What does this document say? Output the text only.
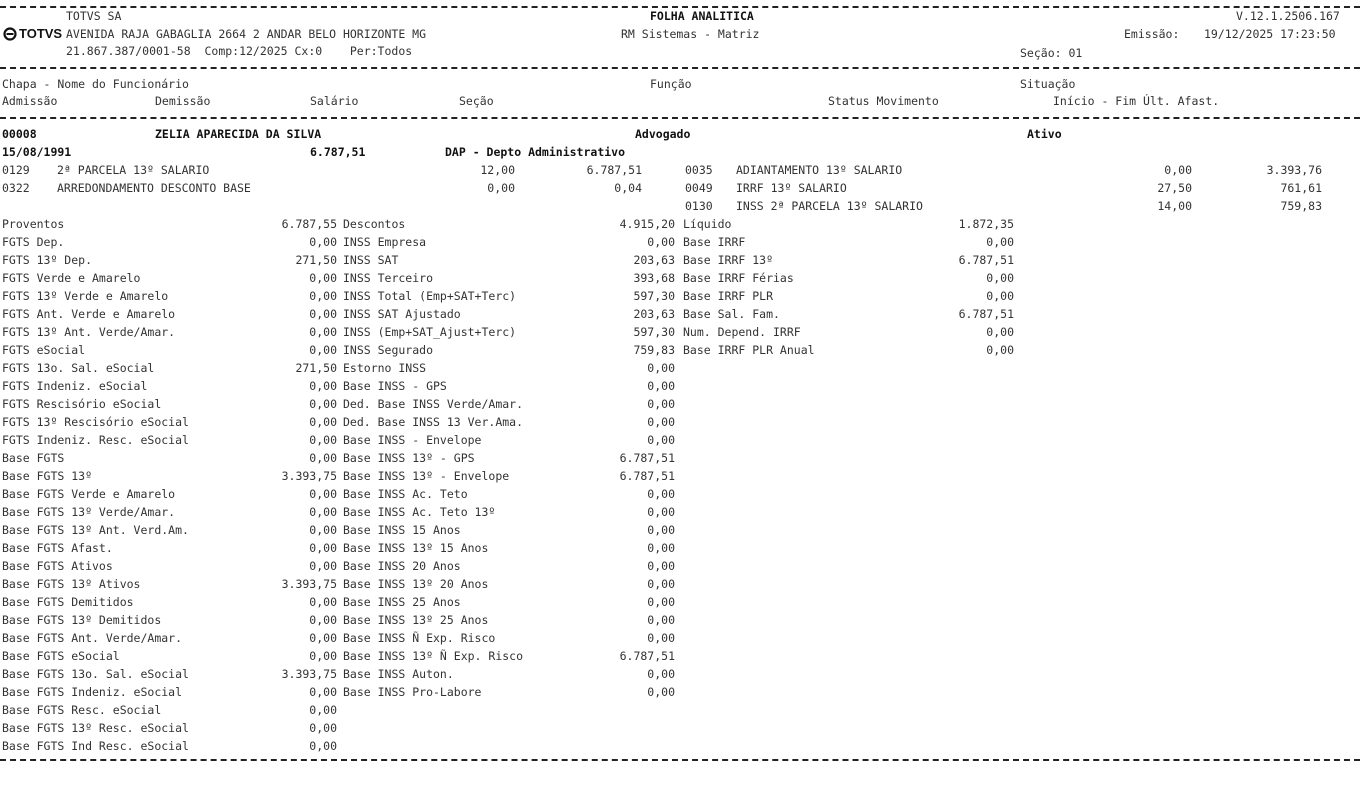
TOTVS SA
TOTVS AVENIDA RAJA GABAGLIA 2664 2 ANDAR BELO HORIZONTE MG
21.867.387/0001-58  Comp:12/2025 Cx:0    Per:Todos
FOLHA ANALITICA
RM Sistemas - Matriz
V.12.1.2506.167
Emissão: 19/12/2025 17:23:50
Seção: 01
Chapa - Nome do Funcionário	Função	Situação
Admissão	Demissão	Salário	Seção	Status Movimento	Início - Fim Últ. Afast.
00008	ZELIA APARECIDA DA SILVA	Advogado	Ativo
15/08/1991	6.787,51	DAP - Depto Administrativo
0129 2ª PARCELA 13º SALARIO	12,00	6.787,51
0322 ARREDONDAMENTO DESCONTO BASE	0,00	0,04
0035 ADIANTAMENTO 13º SALARIO	0,00	3.393,76
0049 IRRF 13º SALARIO	27,50	761,61
0130 INSS 2ª PARCELA 13º SALARIO	14,00	759,83
Proventos	6.787,55
FGTS Dep.	0,00
FGTS 13º Dep.	271,50
FGTS Verde e Amarelo	0,00
FGTS 13º Verde e Amarelo	0,00
FGTS Ant. Verde e Amarelo	0,00
FGTS 13º Ant. Verde/Amar.	0,00
FGTS eSocial	0,00
FGTS 13o. Sal. eSocial	271,50
FGTS Indeniz. eSocial	0,00
FGTS Rescisório eSocial	0,00
FGTS 13º Rescisório eSocial	0,00
FGTS Indeniz. Resc. eSocial	0,00
Base FGTS	0,00
Base FGTS 13º	3.393,75
Base FGTS Verde e Amarelo	0,00
Base FGTS 13º Verde/Amar.	0,00
Base FGTS 13º Ant. Verd.Am.	0,00
Base FGTS Afast.	0,00
Base FGTS Ativos	0,00
Base FGTS 13º Ativos	3.393,75
Base FGTS Demitidos	0,00
Base FGTS 13º Demitidos	0,00
Base FGTS Ant. Verde/Amar.	0,00
Base FGTS eSocial	0,00
Base FGTS 13o. Sal. eSocial	3.393,75
Base FGTS Indeniz. eSocial	0,00
Base FGTS Resc. eSocial	0,00
Base FGTS 13º Resc. eSocial	0,00
Base FGTS Ind Resc. eSocial	0,00
Descontos	4.915,20
INSS Empresa	0,00
INSS SAT	203,63
INSS Terceiro	393,68
INSS Total (Emp+SAT+Terc)	597,30
INSS SAT Ajustado	203,63
INSS (Emp+SAT_Ajust+Terc)	597,30
INSS Segurado	759,83
Estorno INSS	0,00
Base INSS - GPS	0,00
Ded. Base INSS Verde/Amar.	0,00
Ded. Base INSS 13 Ver.Ama.	0,00
Base INSS - Envelope	0,00
Base INSS 13º - GPS	6.787,51
Base INSS 13º - Envelope	6.787,51
Base INSS Ac. Teto	0,00
Base INSS Ac. Teto 13º	0,00
Base INSS 15 Anos	0,00
Base INSS 13º 15 Anos	0,00
Base INSS 20 Anos	0,00
Base INSS 13º 20 Anos	0,00
Base INSS 25 Anos	0,00
Base INSS 13º 25 Anos	0,00
Base INSS Ñ Exp. Risco	0,00
Base INSS 13º Ñ Exp. Risco	6.787,51
Base INSS Auton.	0,00
Base INSS Pro-Labore	0,00
Líquido	1.872,35
Base IRRF	0,00
Base IRRF 13º	6.787,51
Base IRRF Férias	0,00
Base IRRF PLR	0,00
Base Sal. Fam.	6.787,51
Num. Depend. IRRF	0,00
Base IRRF PLR Anual	0,00
